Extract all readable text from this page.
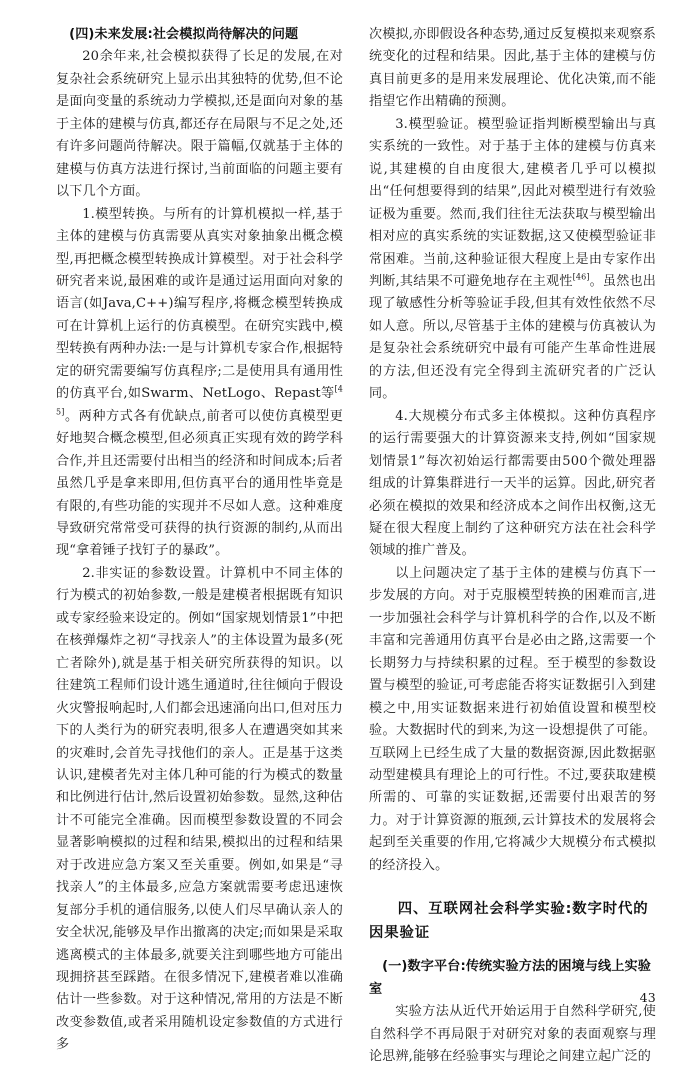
(四)未来发展:社会模拟尚待解决的问题
20余年来,社会模拟获得了长足的发展,在对复杂社会系统研究上显示出其独特的优势,但不论是面向变量的系统动力学模拟,还是面向对象的基于主体的建模与仿真,都还存在局限与不足之处,还有许多问题尚待解决。限于篇幅,仅就基于主体的建模与仿真方法进行探讨,当前面临的问题主要有以下几个方面。
1.模型转换。与所有的计算机模拟一样,基于主体的建模与仿真需要从真实对象抽象出概念模型,再把概念模型转换成计算模型。对于社会科学研究者来说,最困难的或许是通过运用面向对象的语言(如Java,C++)编写程序,将概念模型转换成可在计算机上运行的仿真模型。在研究实践中,模型转换有两种办法:一是与计算机专家合作,根据特定的研究需要编写仿真程序;二是使用具有通用性的仿真平台,如Swarm、NetLogo、Repast等[45]。两种方式各有优缺点,前者可以使仿真模型更好地契合概念模型,但必须真正实现有效的跨学科合作,并且还需要付出相当的经济和时间成本;后者虽然几乎是拿来即用,但仿真平台的通用性毕竟是有限的,有些功能的实现并不尽如人意。这种难度导致研究常常受可获得的执行资源的制约,从而出现“拿着锤子找钉子的暴政”。
2.非实证的参数设置。计算机中不同主体的行为模式的初始参数,一般是建模者根据既有知识或专家经验来设定的。例如“国家规划情景1”中把在核弹爆炸之初“寻找亲人”的主体设置为最多(死亡者除外),就是基于相关研究所获得的知识。以往建筑工程师们设计逃生通道时,往往倾向于假设火灾警报响起时,人们都会迅速涌向出口,但对压力下的人类行为的研究表明,很多人在遭遇突如其来的灾难时,会首先寻找他们的亲人。正是基于这类认识,建模者先对主体几种可能的行为模式的数量和比例进行估计,然后设置初始参数。显然,这种估计不可能完全准确。因而模型参数设置的不同会显著影响模拟的过程和结果,模拟出的过程和结果对于改进应急方案又至关重要。例如,如果是“寻找亲人”的主体最多,应急方案就需要考虑迅速恢复部分手机的通信服务,以使人们尽早确认亲人的安全状况,能够及早作出撤离的决定;而如果是采取逃离模式的主体最多,就要关注到哪些地方可能出现拥挤甚至踩踏。在很多情况下,建模者难以准确估计一些参数。对于这种情况,常用的方法是不断改变参数值,或者采用随机设定参数值的方式进行多
次模拟,亦即假设各种态势,通过反复模拟来观察系统变化的过程和结果。因此,基于主体的建模与仿真目前更多的是用来发展理论、优化决策,而不能指望它作出精确的预测。
3.模型验证。模型验证指判断模型输出与真实系统的一致性。对于基于主体的建模与仿真来说,其建模的自由度很大,建模者几乎可以模拟出“任何想要得到的结果”,因此对模型进行有效验证极为重要。然而,我们往往无法获取与模型输出相对应的真实系统的实证数据,这又使模型验证非常困难。当前,这种验证很大程度上是由专家作出判断,其结果不可避免地存在主观性[46]。虽然也出现了敏感性分析等验证手段,但其有效性依然不尽如人意。所以,尽管基于主体的建模与仿真被认为是复杂社会系统研究中最有可能产生革命性进展的方法,但还没有完全得到主流研究者的广泛认同。
4.大规模分布式多主体模拟。这种仿真程序的运行需要强大的计算资源来支持,例如“国家规划情景1”每次初始运行都需要由500个微处理器组成的计算集群进行一天半的运算。因此,研究者必须在模拟的效果和经济成本之间作出权衡,这无疑在很大程度上制约了这种研究方法在社会科学领域的推广普及。
以上问题决定了基于主体的建模与仿真下一步发展的方向。对于克服模型转换的困难而言,进一步加强社会科学与计算机科学的合作,以及不断丰富和完善通用仿真平台是必由之路,这需要一个长期努力与持续积累的过程。至于模型的参数设置与模型的验证,可考虑能否将实证数据引入到建模之中,用实证数据来进行初始值设置和模型校验。大数据时代的到来,为这一设想提供了可能。互联网上已经生成了大量的数据资源,因此数据驱动型建模具有理论上的可行性。不过,要获取建模所需的、可靠的实证数据,还需要付出艰苦的努力。对于计算资源的瓶颈,云计算技术的发展将会起到至关重要的作用,它将减少大规模分布式模拟的经济投入。
四、互联网社会科学实验:数字时代的因果验证
(一)数字平台:传统实验方法的困境与线上实验室
实验方法从近代开始运用于自然科学研究,使自然科学不再局限于对研究对象的表面观察与理论思辨,能够在经验事实与理论之间建立起广泛的
43
